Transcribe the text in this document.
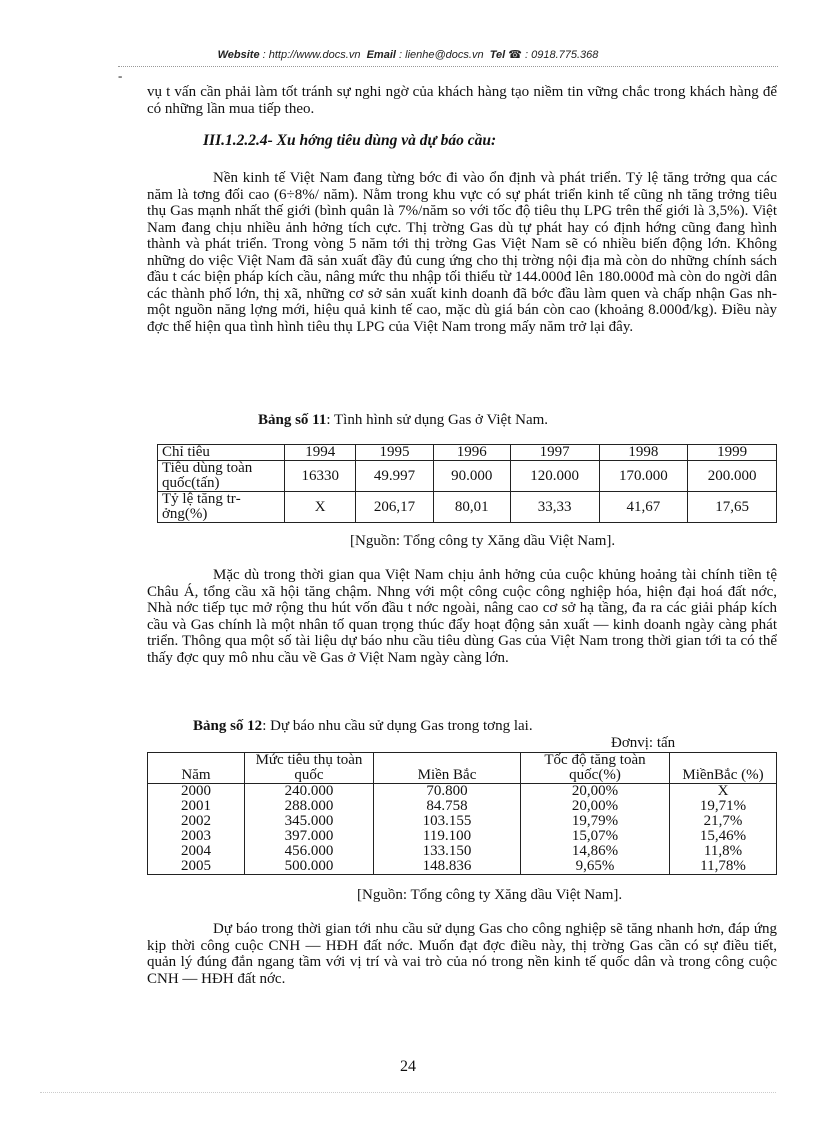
Website : http://www.docs.vn Email : lienhe@docs.vn Tel ☎ : 0918.775.368
-

vụ t vấn cần phải làm tốt tránh sự nghi ngờ của khách hàng tạo niềm tin vững chắc trong khách hàng để có những lần mua tiếp theo.

III.1.2.2.4- Xu hớng tiêu dùng và dự báo cầu:

Nền kinh tế Việt Nam đang từng bớc đi vào ổn định và phát triển. Tỷ lệ tăng trởng qua các năm là tơng đối cao (6÷8%/ năm). Nằm trong khu vực có sự phát triển kinh tế cũng nh tăng trởng tiêu thụ Gas mạnh nhất thế giới (bình quân là 7%/năm so với tốc độ tiêu thụ LPG trên thế giới là 3,5%). Việt Nam đang chịu nhiều ảnh hởng tích cực. Thị trờng Gas dù tự phát hay có định hớng cũng đang hình thành và phát triển. Trong vòng 5 năm tới thị trờng Gas Việt Nam sẽ có nhiều biến động lớn. Không những do việc Việt Nam đã sản xuất đầy đủ cung ứng cho thị trờng nội địa mà còn do những chính sách đầu t các biện pháp kích cầu, nâng mức thu nhập tối thiểu từ 144.000đ lên 180.000đ mà còn do ngời dân các thành phố lớn, thị xã, những cơ sở sản xuất kinh doanh đã bớc đầu làm quen và chấp nhận Gas nh một nguồn năng lợng mới, hiệu quả kinh tế cao, mặc dù giá bán còn cao (khoảng 8.000đ/kg). Điều này đợc thể hiện qua tình hình tiêu thụ LPG của Việt Nam trong mấy năm trở lại đây.

Bảng số 11: Tình hình sử dụng Gas ở Việt Nam.
Chỉ tiêu	1994	1995	1996	1997	1998	1999
Tiêu dùng toàn quốc(tấn)	16330	49.997	90.000	120.000	170.000	200.000
Tỷ lệ tăng trởng(%)	X	206,17	80,01	33,33	41,67	17,65
[Nguồn: Tổng công ty Xăng dầu Việt Nam].

Mặc dù trong thời gian qua Việt Nam chịu ảnh hởng của cuộc khủng hoảng tài chính tiền tệ Châu Á, tổng cầu xã hội tăng chậm. Nhng với một công cuộc công nghiệp hóa, hiện đại hoá đất nớc, Nhà nớc tiếp tục mở rộng thu hút vốn đầu t nớc ngoài, nâng cao cơ sở hạ tầng, đa ra các giải pháp kích cầu và Gas chính là một nhân tố quan trọng thúc đẩy hoạt động sản xuất — kinh doanh ngày càng phát triển. Thông qua một số tài liệu dự báo nhu cầu tiêu dùng Gas của Việt Nam trong thời gian tới ta có thể thấy đợc quy mô nhu cầu về Gas ở Việt Nam ngày càng lớn.

Bảng số 12: Dự báo nhu cầu sử dụng Gas trong tơng lai.
Đơnvị: tấn
Năm	Mức tiêu thụ toàn quốc	Miền Bắc	Tốc độ tăng toàn quốc(%)	MiềnBắc (%)
2000	240.000	70.800	20,00%	X
2001	288.000	84.758	20,00%	19,71%
2002	345.000	103.155	19,79%	21,7%
2003	397.000	119.100	15,07%	15,46%
2004	456.000	133.150	14,86%	11,8%
2005	500.000	148.836	9,65%	11,78%
[Nguồn: Tổng công ty Xăng dầu Việt Nam].

Dự báo trong thời gian tới nhu cầu sử dụng Gas cho công nghiệp sẽ tăng nhanh hơn, đáp ứng kịp thời công cuộc CNH — HĐH đất nớc. Muốn đạt đợc điều này, thị trờng Gas cần có sự điều tiết, quản lý đúng đắn ngang tầm với vị trí và vai trò của nó trong nền kinh tế quốc dân và trong công cuộc CNH — HĐH đất nớc.

24
